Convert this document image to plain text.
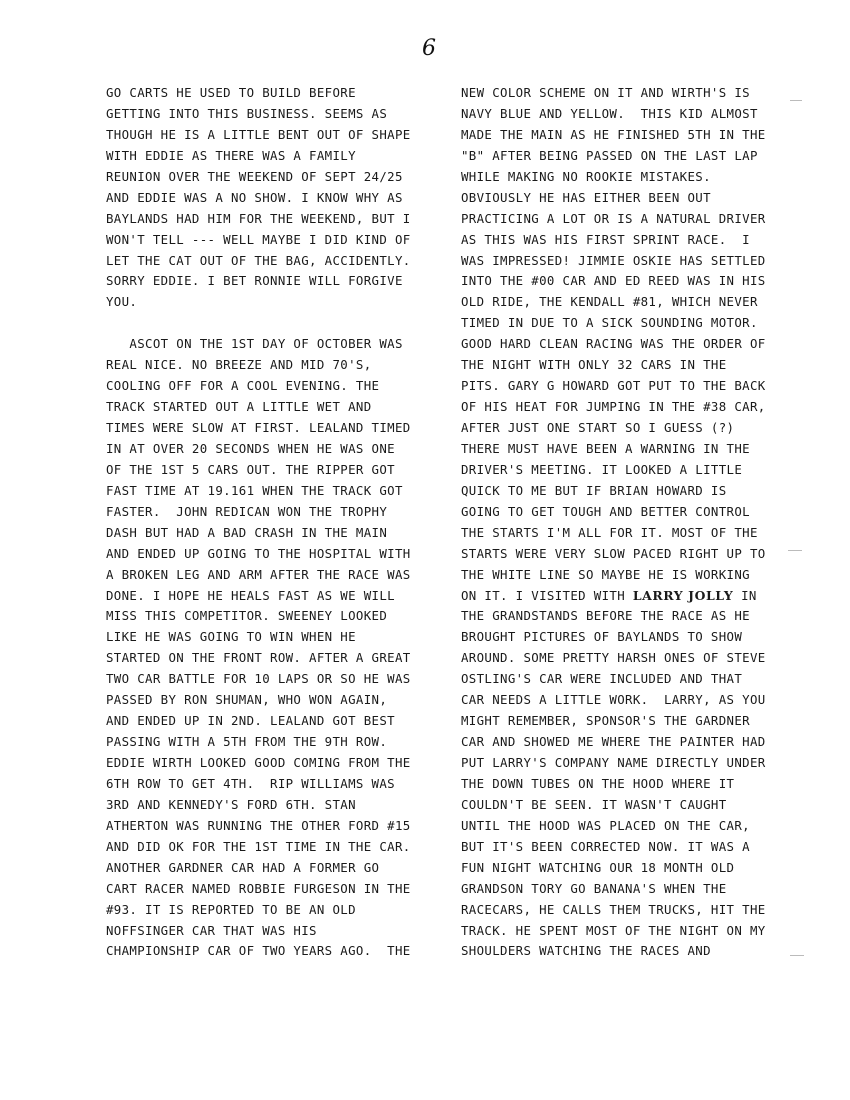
6
GO CARTS HE USED TO BUILD BEFORE
GETTING INTO THIS BUSINESS. SEEMS AS
THOUGH HE IS A LITTLE BENT OUT OF SHAPE
WITH EDDIE AS THERE WAS A FAMILY
REUNION OVER THE WEEKEND OF SEPT 24/25
AND EDDIE WAS A NO SHOW. I KNOW WHY AS
BAYLANDS HAD HIM FOR THE WEEKEND, BUT I
WON'T TELL --- WELL MAYBE I DID KIND OF
LET THE CAT OUT OF THE BAG, ACCIDENTLY.
SORRY EDDIE. I BET RONNIE WILL FORGIVE
YOU.
ASCOT ON THE 1ST DAY OF OCTOBER WAS
REAL NICE. NO BREEZE AND MID 70'S,
COOLING OFF FOR A COOL EVENING. THE
TRACK STARTED OUT A LITTLE WET AND
TIMES WERE SLOW AT FIRST. LEALAND TIMED
IN AT OVER 20 SECONDS WHEN HE WAS ONE
OF THE 1ST 5 CARS OUT. THE RIPPER GOT
FAST TIME AT 19.161 WHEN THE TRACK GOT
FASTER.  JOHN REDICAN WON THE TROPHY
DASH BUT HAD A BAD CRASH IN THE MAIN
AND ENDED UP GOING TO THE HOSPITAL WITH
A BROKEN LEG AND ARM AFTER THE RACE WAS
DONE. I HOPE HE HEALS FAST AS WE WILL
MISS THIS COMPETITOR. SWEENEY LOOKED
LIKE HE WAS GOING TO WIN WHEN HE
STARTED ON THE FRONT ROW. AFTER A GREAT
TWO CAR BATTLE FOR 10 LAPS OR SO HE WAS
PASSED BY RON SHUMAN, WHO WON AGAIN,
AND ENDED UP IN 2ND. LEALAND GOT BEST
PASSING WITH A 5TH FROM THE 9TH ROW.
EDDIE WIRTH LOOKED GOOD COMING FROM THE
6TH ROW TO GET 4TH.  RIP WILLIAMS WAS
3RD AND KENNEDY'S FORD 6TH. STAN
ATHERTON WAS RUNNING THE OTHER FORD #15
AND DID OK FOR THE 1ST TIME IN THE CAR.
ANOTHER GARDNER CAR HAD A FORMER GO
CART RACER NAMED ROBBIE FURGESON IN THE
#93. IT IS REPORTED TO BE AN OLD
NOFFSINGER CAR THAT WAS HIS
CHAMPIONSHIP CAR OF TWO YEARS AGO.  THE
NEW COLOR SCHEME ON IT AND WIRTH'S IS
NAVY BLUE AND YELLOW.  THIS KID ALMOST
MADE THE MAIN AS HE FINISHED 5TH IN THE
"B" AFTER BEING PASSED ON THE LAST LAP
WHILE MAKING NO ROOKIE MISTAKES.
OBVIOUSLY HE HAS EITHER BEEN OUT
PRACTICING A LOT OR IS A NATURAL DRIVER
AS THIS WAS HIS FIRST SPRINT RACE.  I
WAS IMPRESSED! JIMMIE OSKIE HAS SETTLED
INTO THE #00 CAR AND ED REED WAS IN HIS
OLD RIDE, THE KENDALL #81, WHICH NEVER
TIMED IN DUE TO A SICK SOUNDING MOTOR.
GOOD HARD CLEAN RACING WAS THE ORDER OF
THE NIGHT WITH ONLY 32 CARS IN THE
PITS. GARY G HOWARD GOT PUT TO THE BACK
OF HIS HEAT FOR JUMPING IN THE #38 CAR,
AFTER JUST ONE START SO I GUESS (?)
THERE MUST HAVE BEEN A WARNING IN THE
DRIVER'S MEETING. IT LOOKED A LITTLE
QUICK TO ME BUT IF BRIAN HOWARD IS
GOING TO GET TOUGH AND BETTER CONTROL
THE STARTS I'M ALL FOR IT. MOST OF THE
STARTS WERE VERY SLOW PACED RIGHT UP TO
THE WHITE LINE SO MAYBE HE IS WORKING
ON IT. I VISITED WITH LARRY JOLLY IN
THE GRANDSTANDS BEFORE THE RACE AS HE
BROUGHT PICTURES OF BAYLANDS TO SHOW
AROUND. SOME PRETTY HARSH ONES OF STEVE
OSTLING'S CAR WERE INCLUDED AND THAT
CAR NEEDS A LITTLE WORK.  LARRY, AS YOU
MIGHT REMEMBER, SPONSOR'S THE GARDNER
CAR AND SHOWED ME WHERE THE PAINTER HAD
PUT LARRY'S COMPANY NAME DIRECTLY UNDER
THE DOWN TUBES ON THE HOOD WHERE IT
COULDN'T BE SEEN. IT WASN'T CAUGHT
UNTIL THE HOOD WAS PLACED ON THE CAR,
BUT IT'S BEEN CORRECTED NOW. IT WAS A
FUN NIGHT WATCHING OUR 18 MONTH OLD
GRANDSON TORY GO BANANA'S WHEN THE
RACECARS, HE CALLS THEM TRUCKS, HIT THE
TRACK. HE SPENT MOST OF THE NIGHT ON MY
SHOULDERS WATCHING THE RACES AND
